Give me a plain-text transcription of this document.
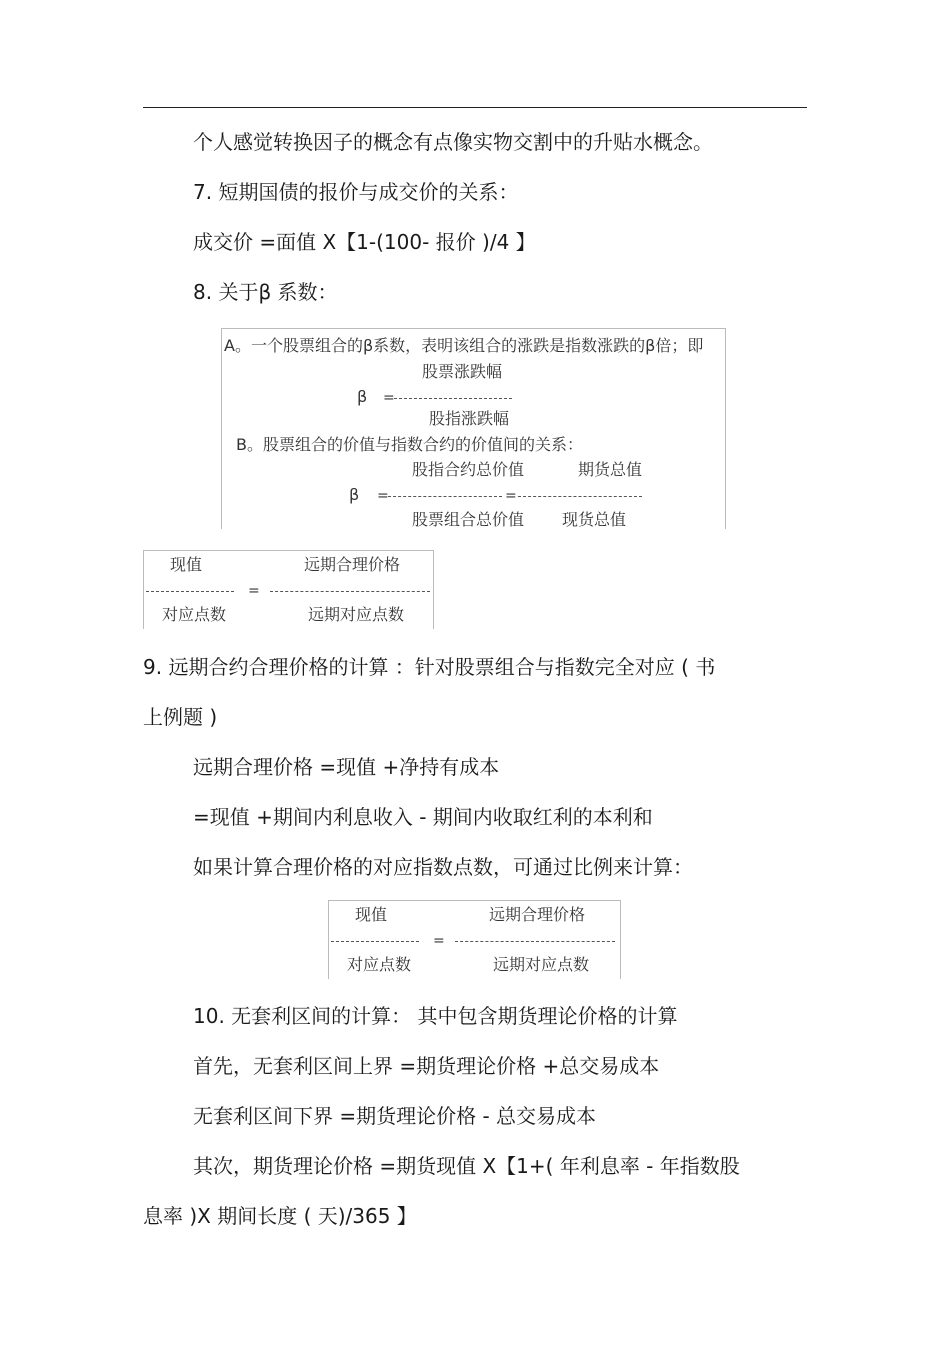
个人感觉转换因子的概念有点像实物交割中的升贴水概念。
7. 短期国债的报价与成交价的关系：
成交价 =面值 X【1-(100- 报价 )/4 】
8. 关于β 系数：
A。一个股票组合的β系数，表明该组合的涨跌是指数涨跌的β倍；即
股票涨跌幅
β =
股指涨跌幅
B。股票组合的价值与指数合约的价值间的关系：
股指合约总价值	期货总值
β =	=
股票组合总价值 现货总值
现值	远期合理价格
=
对应点数	远期对应点数
9. 远期合约合理价格的计算 ：针对股票组合与指数完全对应 ( 书
上例题 )
远期合理价格 =现值 +净持有成本
=现值 +期间内利息收入 - 期间内收取红利的本利和
如果计算合理价格的对应指数点数，可通过比例来计算：
现值	远期合理价格
=
对应点数	远期对应点数
10. 无套利区间的计算： 其中包含期货理论价格的计算
首先，无套利区间上界 =期货理论价格 +总交易成本
无套利区间下界 =期货理论价格 - 总交易成本
其次，期货理论价格 =期货现值 X【1+( 年利息率 - 年指数股
息率 )X 期间长度 ( 天)/365 】
